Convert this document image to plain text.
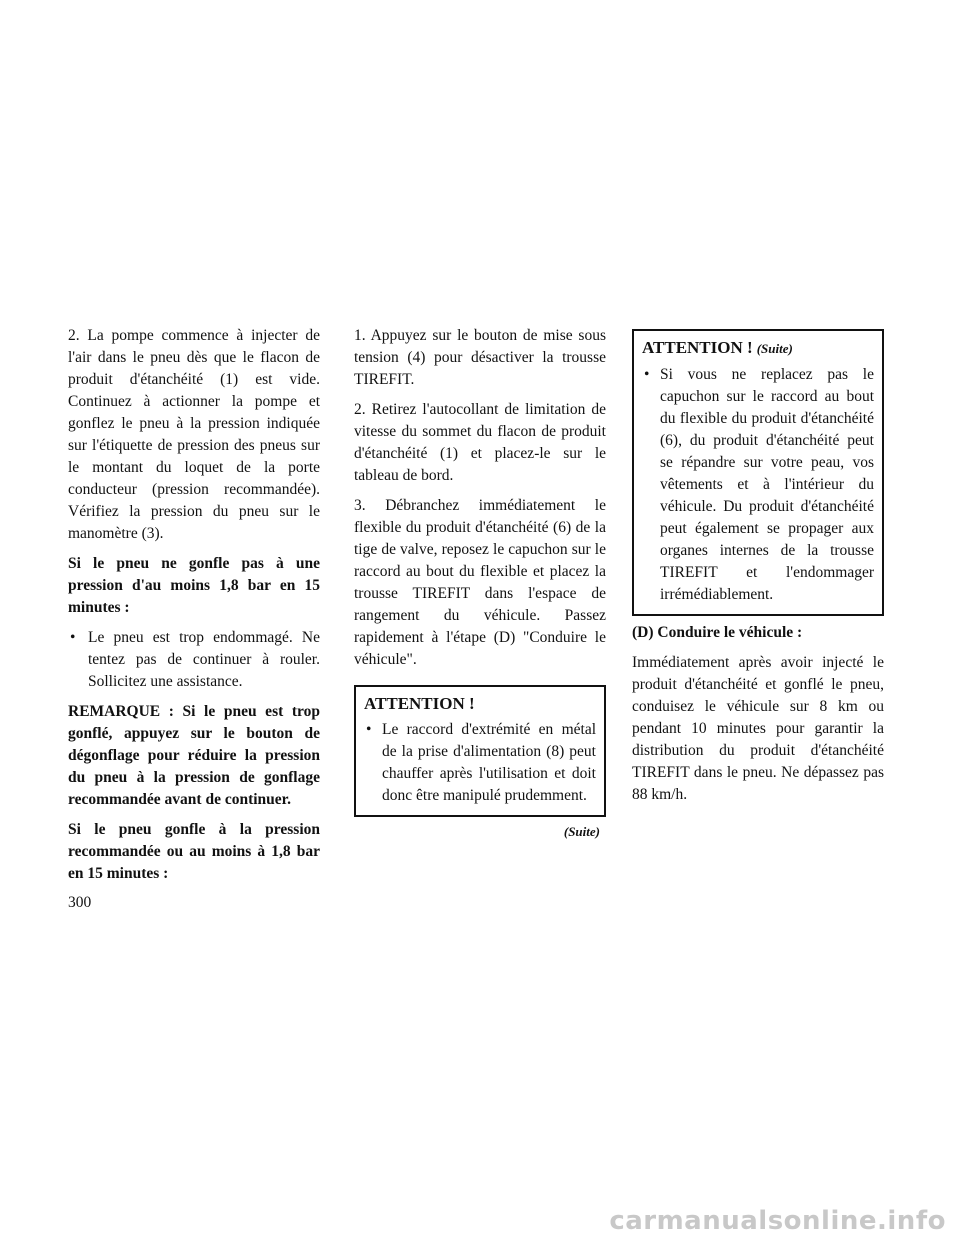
2. La pompe commence à injecter de l'air dans le pneu dès que le flacon de produit d'étanchéité (1) est vide. Continuez à actionner la pompe et gonflez le pneu à la pression indiquée sur l'étiquette de pression des pneus sur le montant du loquet de la porte conducteur (pression recommandée). Vérifiez la pression du pneu sur le manomètre (3).

Si le pneu ne gonfle pas à une pression d'au moins 1,8 bar en 15 minutes :

• Le pneu est trop endommagé. Ne tentez pas de continuer à rouler. Sollicitez une assistance.

REMARQUE : Si le pneu est trop gonflé, appuyez sur le bouton de dégonflage pour réduire la pression du pneu à la pression de gonflage recommandée avant de continuer.

Si le pneu gonfle à la pression recommandée ou au moins à 1,8 bar en 15 minutes :

1. Appuyez sur le bouton de mise sous tension (4) pour désactiver la trousse TIREFIT.

2. Retirez l'autocollant de limitation de vitesse du sommet du flacon de produit d'étanchéité (1) et placez-le sur le tableau de bord.

3. Débranchez immédiatement le flexible du produit d'étanchéité (6) de la tige de valve, reposez le capuchon sur le raccord au bout du flexible et placez la trousse TIREFIT dans l'espace de rangement du véhicule. Passez rapidement à l'étape (D) "Conduire le véhicule".

ATTENTION !
• Le raccord d'extrémité en métal de la prise d'alimentation (8) peut chauffer après l'utilisation et doit donc être manipulé prudemment.
(Suite)
ATTENTION ! (Suite)
• Si vous ne replacez pas le capuchon sur le raccord au bout du flexible du produit d'étanchéité (6), du produit d'étanchéité peut se répandre sur votre peau, vos vêtements et à l'intérieur du véhicule. Du produit d'étanchéité peut également se propager aux organes internes de la trousse TIREFIT et l'endommager irrémédiablement.

(D) Conduire le véhicule :

Immédiatement après avoir injecté le produit d'étanchéité et gonflé le pneu, conduisez le véhicule sur 8 km ou pendant 10 minutes pour garantir la distribution du produit d'étanchéité TIREFIT dans le pneu. Ne dépassez pas 88 km/h.

300
carmanualsonline.info
